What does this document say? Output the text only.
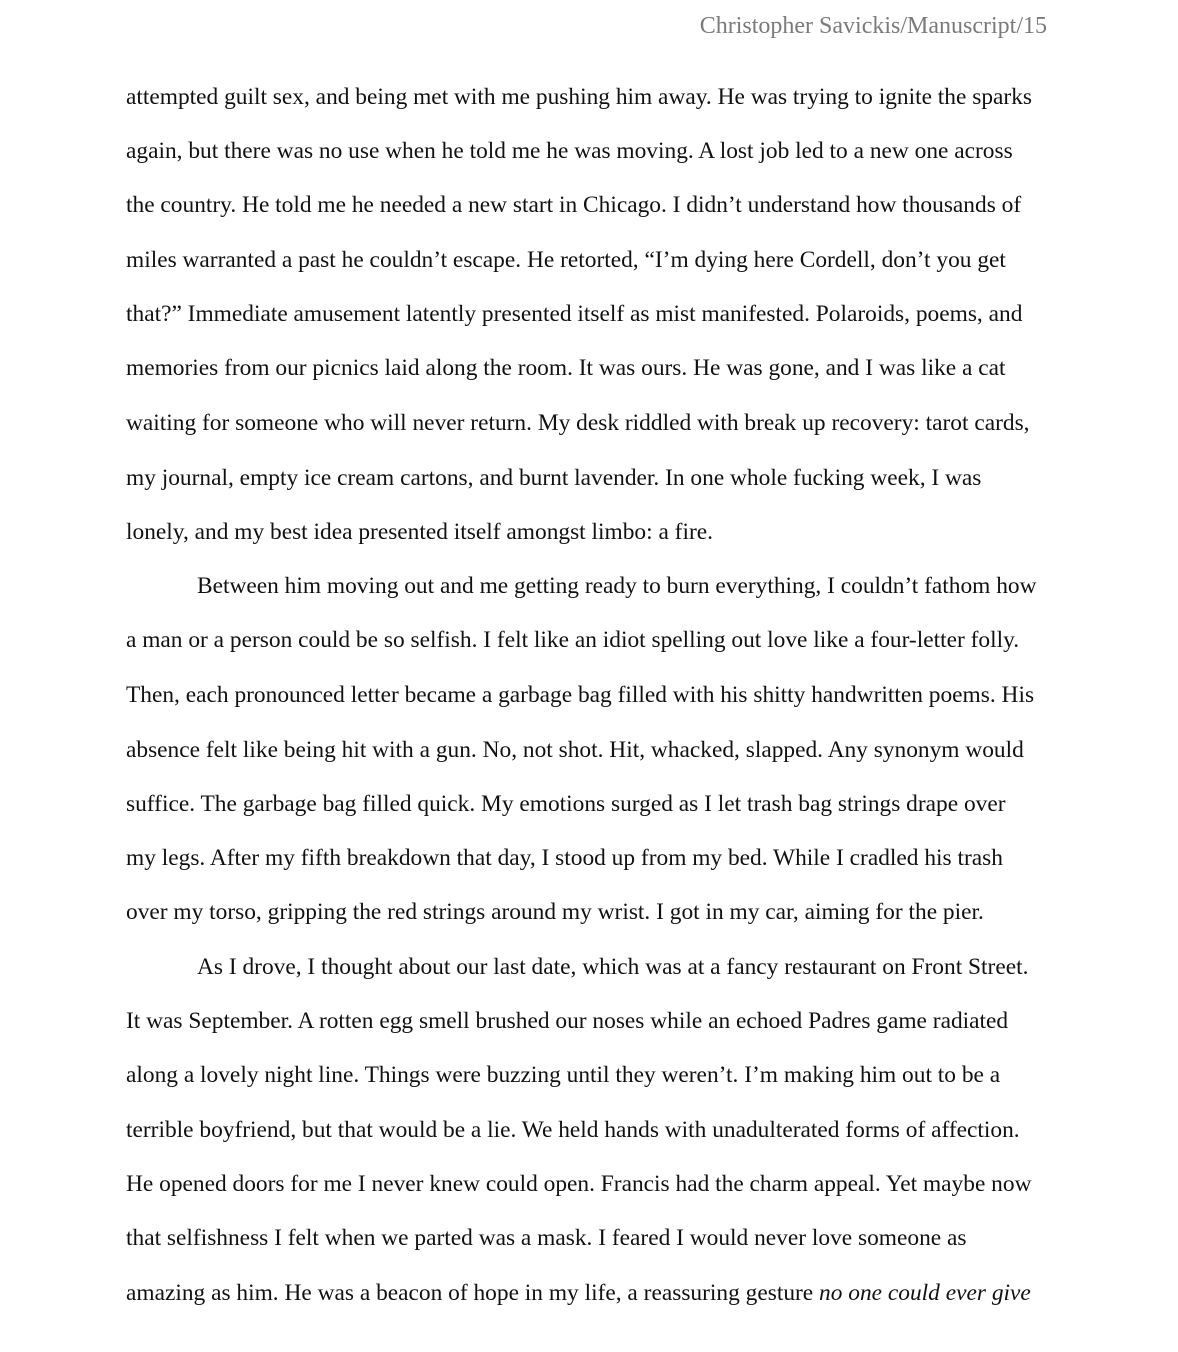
Christopher Savickis/Manuscript/15
attempted guilt sex, and being met with me pushing him away. He was trying to ignite the sparks
again, but there was no use when he told me he was moving. A lost job led to a new one across
the country. He told me he needed a new start in Chicago. I didn’t understand how thousands of
miles warranted a past he couldn’t escape. He retorted, “I’m dying here Cordell, don’t you get
that?” Immediate amusement latently presented itself as mist manifested. Polaroids, poems, and
memories from our picnics laid along the room. It was ours. He was gone, and I was like a cat
waiting for someone who will never return. My desk riddled with break up recovery: tarot cards,
my journal, empty ice cream cartons, and burnt lavender. In one whole fucking week, I was
lonely, and my best idea presented itself amongst limbo: a fire.
Between him moving out and me getting ready to burn everything, I couldn’t fathom how
a man or a person could be so selfish. I felt like an idiot spelling out love like a four-letter folly.
Then, each pronounced letter became a garbage bag filled with his shitty handwritten poems. His
absence felt like being hit with a gun. No, not shot. Hit, whacked, slapped. Any synonym would
suffice. The garbage bag filled quick. My emotions surged as I let trash bag strings drape over
my legs. After my fifth breakdown that day, I stood up from my bed. While I cradled his trash
over my torso, gripping the red strings around my wrist. I got in my car, aiming for the pier.
As I drove, I thought about our last date, which was at a fancy restaurant on Front Street.
It was September. A rotten egg smell brushed our noses while an echoed Padres game radiated
along a lovely night line. Things were buzzing until they weren’t. I’m making him out to be a
terrible boyfriend, but that would be a lie. We held hands with unadulterated forms of affection.
He opened doors for me I never knew could open. Francis had the charm appeal. Yet maybe now
that selfishness I felt when we parted was a mask. I feared I would never love someone as
amazing as him. He was a beacon of hope in my life, a reassuring gesture no one could ever give
